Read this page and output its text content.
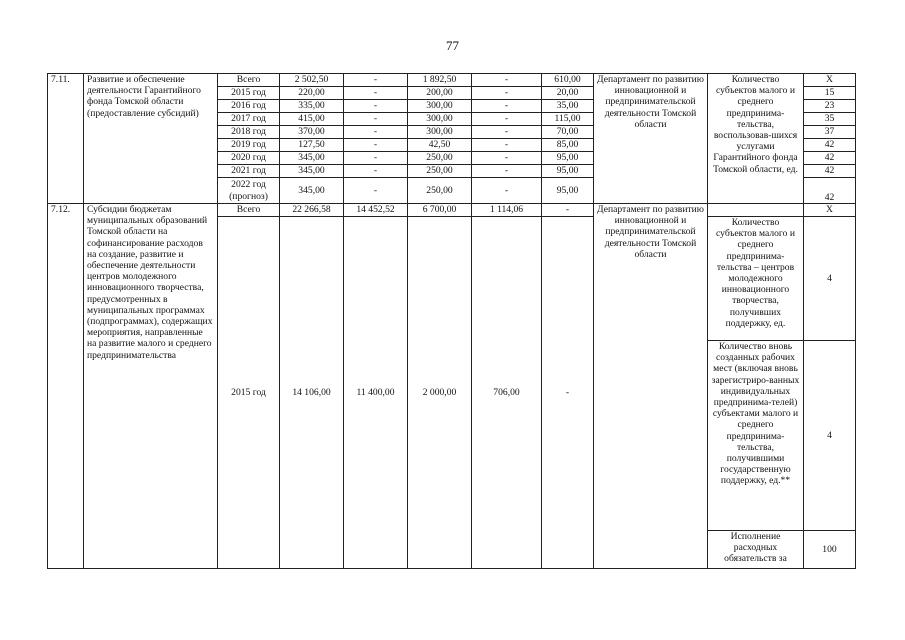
77
7.11.	Развитие и обеспечение деятельности Гарантийного фонда Томской области (предоставление субсидий)	Всего	2 502,50	-	1 892,50	-	610,00	Департамент по развитию инновационной и предпринимательской деятельности Томской области	Количество субъектов малого и среднего предпринима-тельства, воспользовав-шихся услугами Гарантийного фонда Томской области, ед.	Х
		2015 год	220,00	-	200,00	-	20,00			15
		2016 год	335,00	-	300,00	-	35,00			23
		2017 год	415,00	-	300,00	-	115,00			35
		2018 год	370,00	-	300,00	-	70,00			37
		2019 год	127,50	-	42,50	-	85,00			42
		2020 год	345,00	-	250,00	-	95,00			42
		2021 год	345,00	-	250,00	-	95,00			42
		2022 год (прогноз)	345,00	-	250,00	-	95,00			42
7.12.	Субсидии бюджетам муниципальных образований Томской области на софинансирование расходов на создание, развитие и обеспечение деятельности центров молодежного инновационного творчества, предусмотренных в муниципальных программах (подпрограммах), содержащих мероприятия, направленные на развитие малого и среднего предпринимательства	Всего	22 266,58	14 452,52	6 700,00	1 114,06	-	Департамент по развитию инновационной и предпринимательской деятельности Томской области		Х
		2015 год	14 106,00	11 400,00	2 000,00	706,00	-		Количество субъектов малого и среднего предпринима-тельства – центров молодежного инновационного творчества, получивших поддержку, ед.	4
									Количество вновь созданных рабочих мест (включая вновь зарегистриро-ванных индивидуальных предпринима-телей) субъектами малого и среднего предпринима-тельства, получившими государственную поддержку, ед.**	4
									Исполнение расходных обязательств за	100
